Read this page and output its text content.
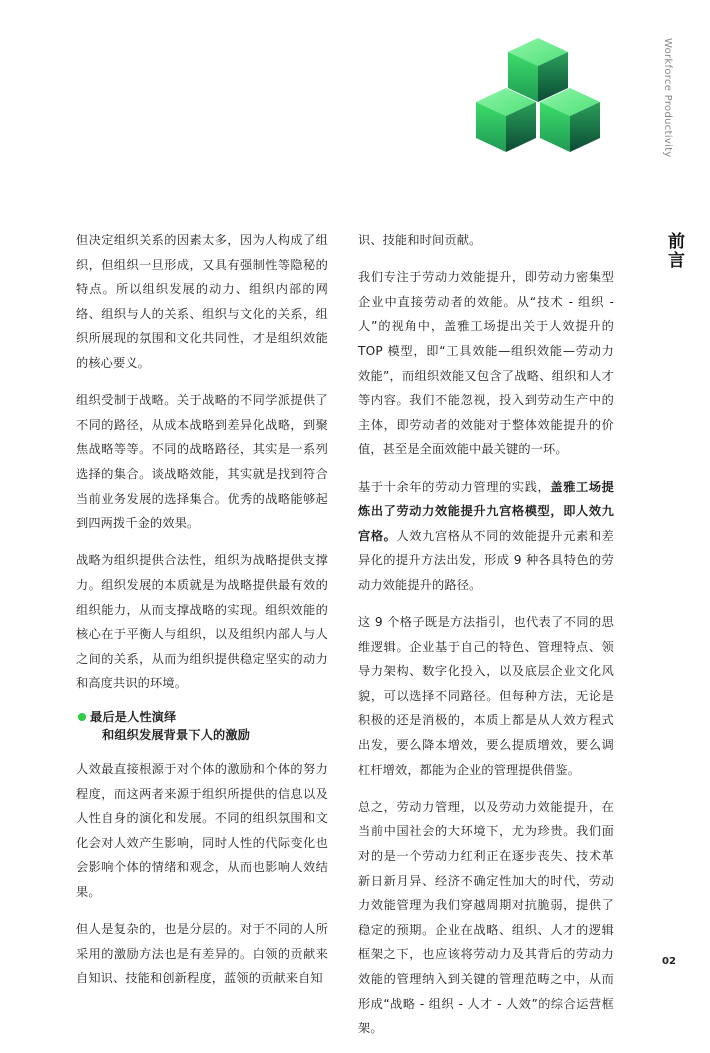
Workforce Productivity
前言

但决定组织关系的因素太多，因为人构成了组织，但组织一旦形成，又具有强制性等隐秘的特点。所以组织发展的动力、组织内部的网络、组织与人的关系、组织与文化的关系，组织所展现的氛围和文化共同性，才是组织效能的核心要义。

组织受制于战略。关于战略的不同学派提供了不同的路径，从成本战略到差异化战略，到聚焦战略等等。不同的战略路径，其实是一系列选择的集合。谈战略效能，其实就是找到符合当前业务发展的选择集合。优秀的战略能够起到四两拨千金的效果。

战略为组织提供合法性，组织为战略提供支撑力。组织发展的本质就是为战略提供最有效的组织能力，从而支撑战略的实现。组织效能的核心在于平衡人与组织，以及组织内部人与人之间的关系，从而为组织提供稳定坚实的动力和高度共识的环境。

最后是人性演绎
和组织发展背景下人的激励

人效最直接根源于对个体的激励和个体的努力程度，而这两者来源于组织所提供的信息以及人性自身的演化和发展。不同的组织氛围和文化会对人效产生影响，同时人性的代际变化也会影响个体的情绪和观念，从而也影响人效结果。

但人是复杂的，也是分层的。对于不同的人所采用的激励方法也是有差异的。白领的贡献来自知识、技能和创新程度，蓝领的贡献来自知

识、技能和时间贡献。

我们专注于劳动力效能提升，即劳动力密集型企业中直接劳动者的效能。从“技术 - 组织 - 人”的视角中，盖雅工场提出关于人效提升的 TOP 模型，即“工具效能—组织效能—劳动力效能”，而组织效能又包含了战略、组织和人才等内容。我们不能忽视，投入到劳动生产中的主体，即劳动者的效能对于整体效能提升的价值，甚至是全面效能中最关键的一环。

基于十余年的劳动力管理的实践，盖雅工场提炼出了劳动力效能提升九宫格模型，即人效九宫格。人效九宫格从不同的效能提升元素和差异化的提升方法出发，形成 9 种各具特色的劳动力效能提升的路径。

这 9 个格子既是方法指引，也代表了不同的思维逻辑。企业基于自己的特色、管理特点、领导力架构、数字化投入，以及底层企业文化风貌，可以选择不同路径。但每种方法，无论是积极的还是消极的，本质上都是从人效方程式出发，要么降本增效，要么提质增效，要么调杠杆增效，都能为企业的管理提供借鉴。

总之，劳动力管理，以及劳动力效能提升，在当前中国社会的大环境下，尤为珍贵。我们面对的是一个劳动力红利正在逐步丧失、技术革新日新月异、经济不确定性加大的时代，劳动力效能管理为我们穿越周期对抗脆弱，提供了稳定的预期。企业在战略、组织、人才的逻辑框架之下，也应该将劳动力及其背后的劳动力效能的管理纳入到关键的管理范畴之中，从而形成“战略 - 组织 - 人才 - 人效”的综合运营框架。

02
